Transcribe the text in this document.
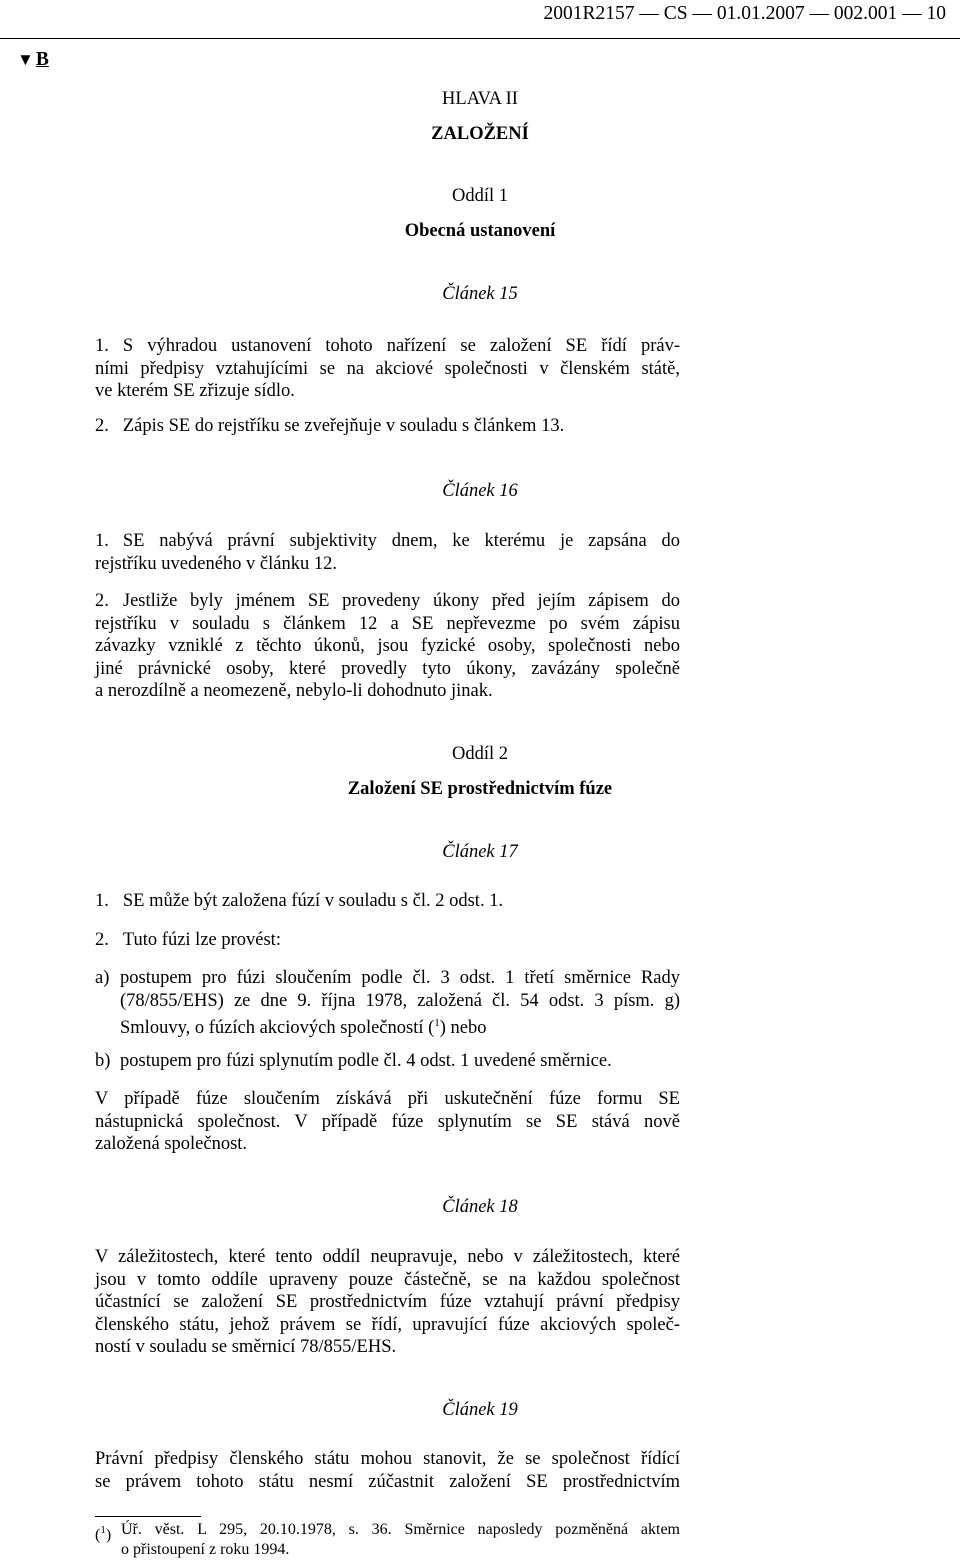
2001R2157 — CS — 01.01.2007 — 002.001 — 10
▼ B
HLAVA II
ZALOŽENÍ
Oddíl 1
Obecná ustanovení
Článek 15
1. S výhradou ustanovení tohoto nařízení se založení SE řídí práv-
ními předpisy vztahujícími se na akciové společnosti v členském státě,
ve kterém SE zřizuje sídlo.
2. Zápis SE do rejstříku se zveřejňuje v souladu s článkem 13.
Článek 16
1. SE nabývá právní subjektivity dnem, ke kterému je zapsána do
rejstříku uvedeného v článku 12.
2. Jestliže byly jménem SE provedeny úkony před jejím zápisem do
rejstříku v souladu s článkem 12 a SE nepřevezme po svém zápisu
závazky vzniklé z těchto úkonů, jsou fyzické osoby, společnosti nebo
jiné právnické osoby, které provedly tyto úkony, zavázány společně
a nerozdílně a neomezeně, nebylo-li dohodnuto jinak.
Oddíl 2
Založení SE prostřednictvím fúze
Článek 17
1. SE může být založena fúzí v souladu s čl. 2 odst. 1.
2. Tuto fúzi lze provést:
a) postupem pro fúzi sloučením podle čl. 3 odst. 1 třetí směrnice Rady
(78/855/EHS) ze dne 9. října 1978, založená čl. 54 odst. 3 písm. g)
Smlouvy, o fúzích akciových společností ($^1$) nebo
b) postupem pro fúzi splynutím podle čl. 4 odst. 1 uvedené směrnice.
V případě fúze sloučením získává při uskutečnění fúze formu SE
nástupnická společnost. V případě fúze splynutím se SE stává nově
založená společnost.
Článek 18
V záležitostech, které tento oddíl neupravuje, nebo v záležitostech, které
jsou v tomto oddíle upraveny pouze částečně, se na každou společnost
účastnící se založení SE prostřednictvím fúze vztahují právní předpisy
členského státu, jehož právem se řídí, upravující fúze akciových společ-
ností v souladu se směrnicí 78/855/EHS.
Článek 19
Právní předpisy členského státu mohou stanovit, že se společnost řídící
se právem tohoto státu nesmí zúčastnit založení SE prostřednictvím
($^1$) Úř. věst. L 295, 20.10.1978, s. 36. Směrnice naposledy pozměněná aktem
o přistoupení z roku 1994.
